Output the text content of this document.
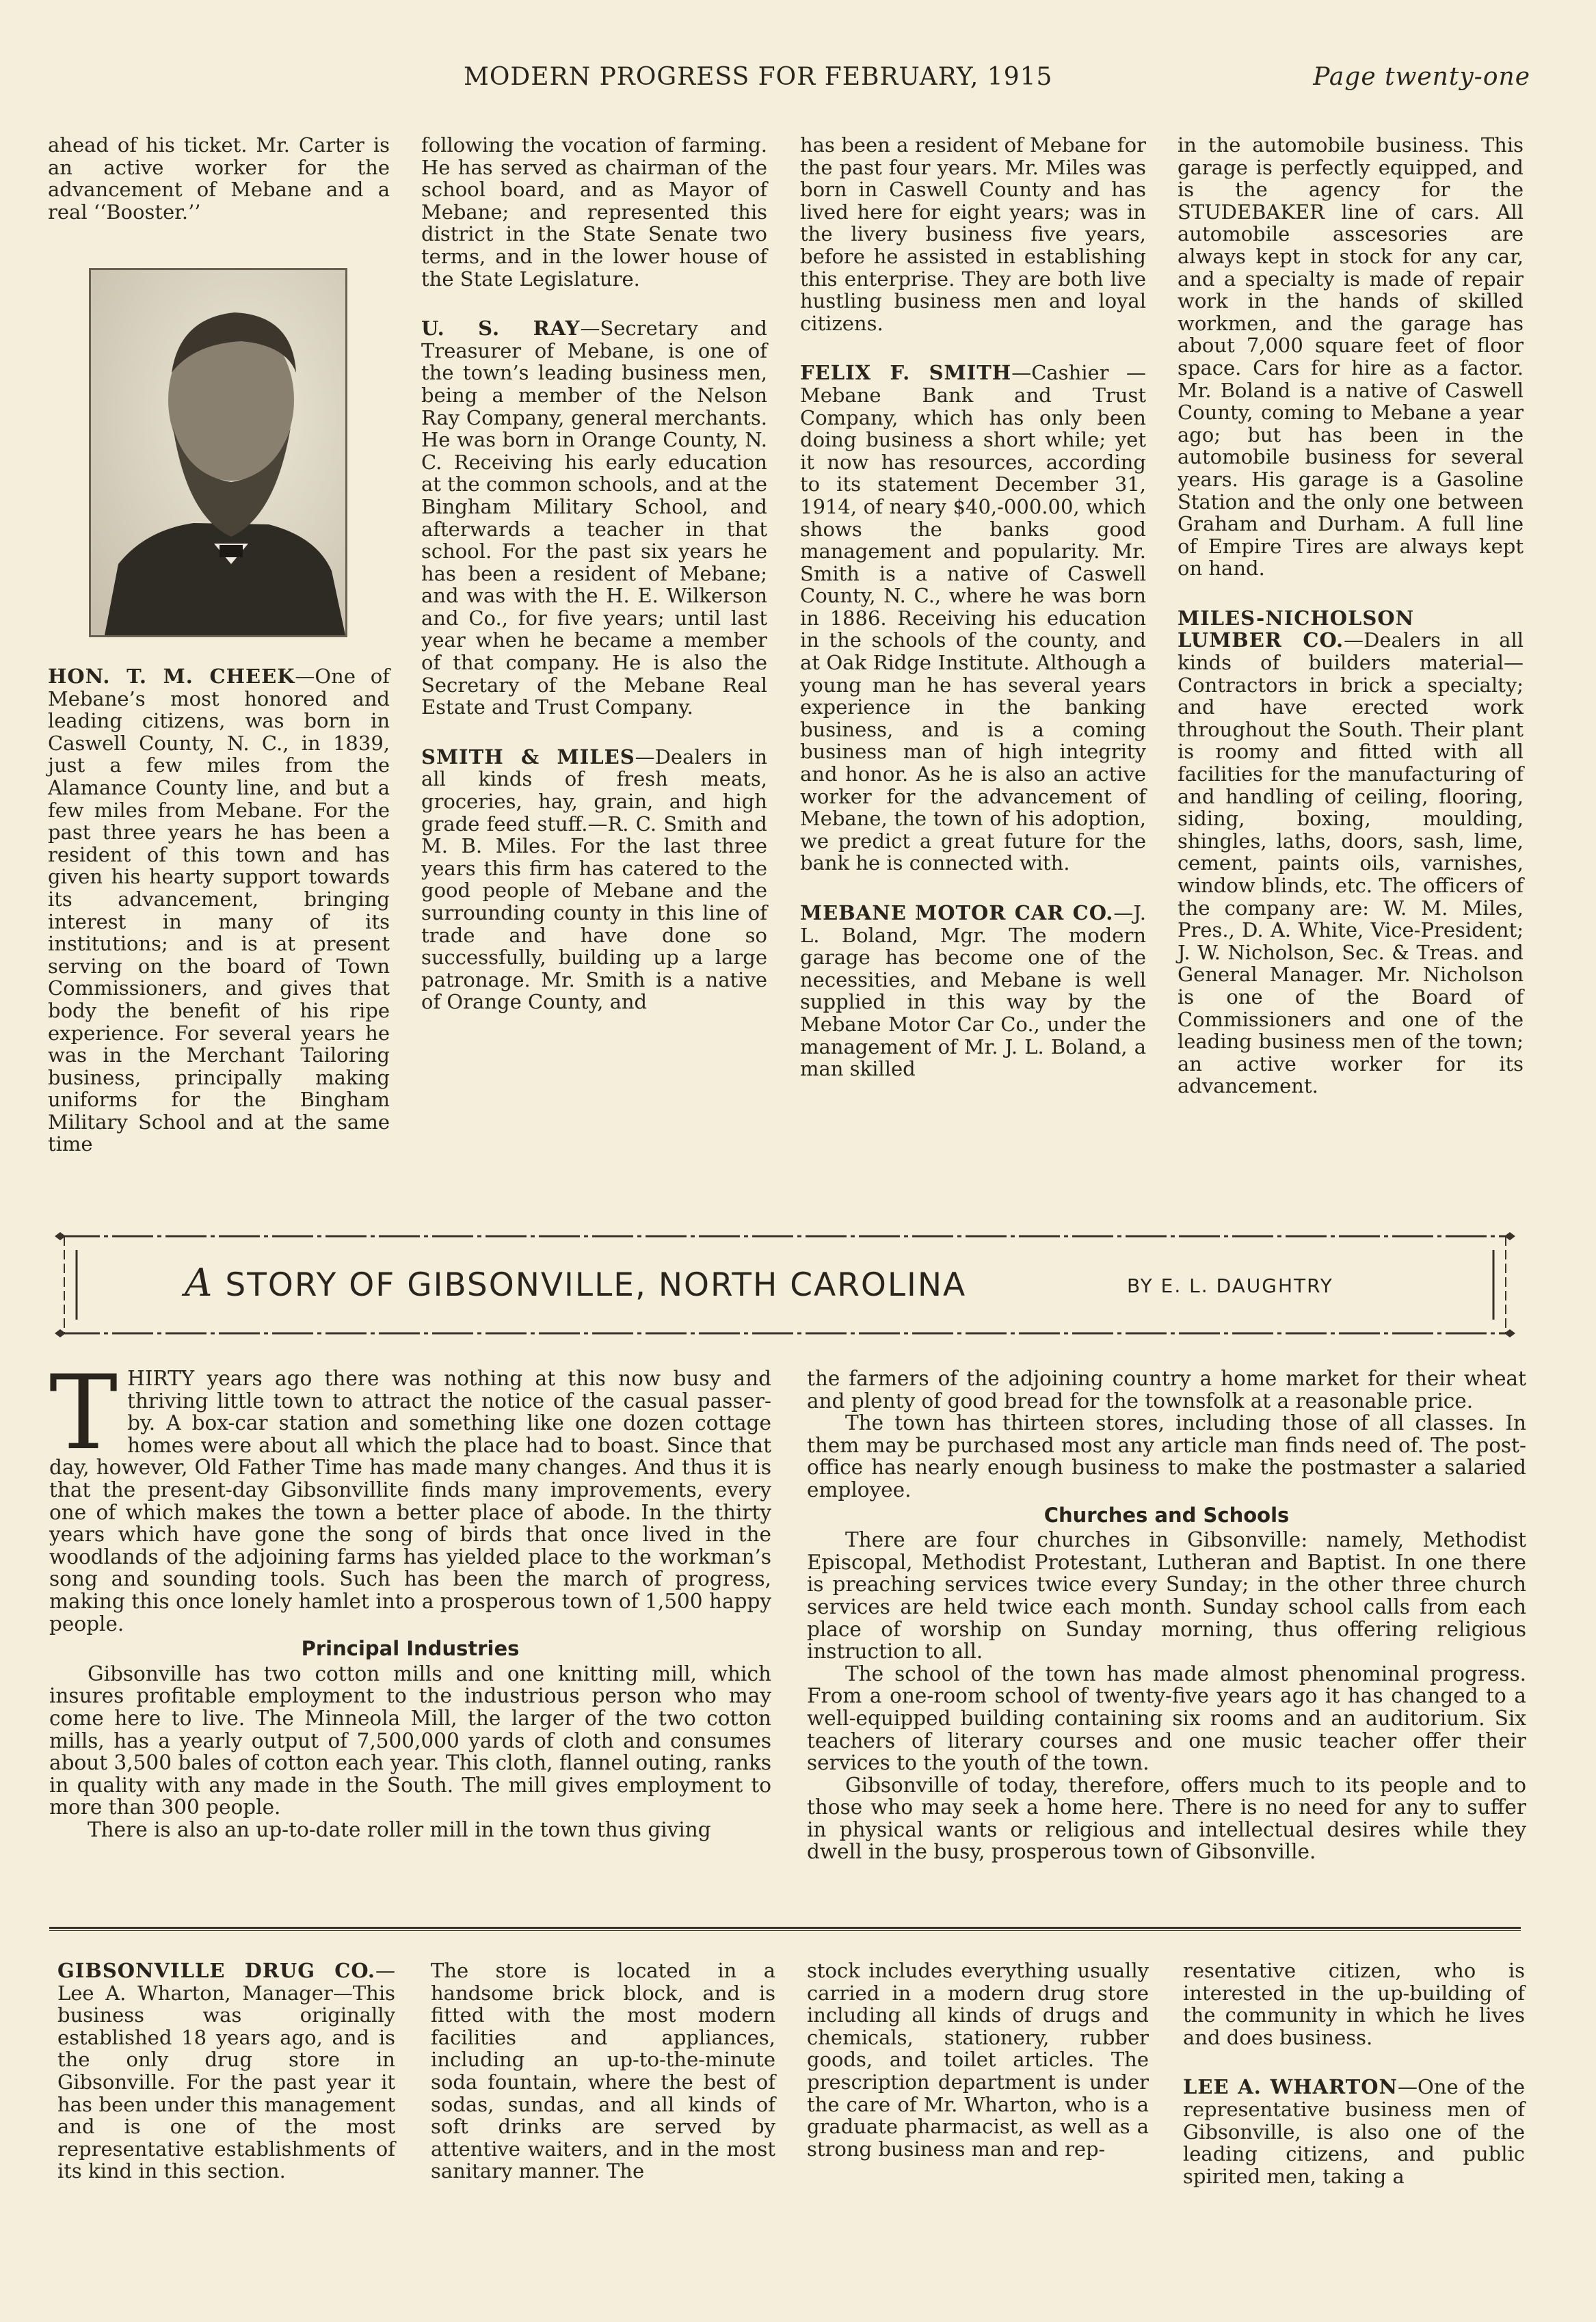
MODERN PROGRESS FOR FEBRUARY, 1915	Page twenty-one

ahead of his ticket. Mr. Carter is an active worker for the advancement of Mebane and a real ‘‘Booster.’’

HON. T. M. CHEEK—One of Mebane’s most honored and leading citizens, was born in Caswell County, N. C., in 1839, just a few miles from the Alamance County line, and but a few miles from Mebane. For the past three years he has been a resident of this town and has given his hearty support towards its advancement, bringing interest in many of its institutions; and is at present serving on the board of Town Commissioners, and gives that body the benefit of his ripe experience. For several years he was in the Merchant Tailoring business, principally making uniforms for the Bingham Military School and at the same time

following the vocation of farming. He has served as chairman of the school board, and as Mayor of Mebane; and represented this district in the State Senate two terms, and in the lower house of the State Legislature.

U. S. RAY—Secretary and Treasurer of Mebane, is one of the town’s leading business men, being a member of the Nelson Ray Company, general merchants. He was born in Orange County, N. C. Receiving his early education at the common schools, and at the Bingham Military School, and afterwards a teacher in that school. For the past six years he has been a resident of Mebane; and was with the H. E. Wilkerson and Co., for five years; until last year when he became a member of that company. He is also the Secretary of the Mebane Real Estate and Trust Company.

SMITH & MILES—Dealers in all kinds of fresh meats, groceries, hay, grain, and high grade feed stuff.—R. C. Smith and M. B. Miles. For the last three years this firm has catered to the good people of Mebane and the surrounding county in this line of trade and have done so successfully, building up a large patronage. Mr. Smith is a native of Orange County, and

has been a resident of Mebane for the past four years. Mr. Miles was born in Caswell County and has lived here for eight years; was in the livery business five years, before he assisted in establishing this enterprise. They are both live hustling business men and loyal citizens.

FELIX F. SMITH—Cashier —Mebane Bank and Trust Company, which has only been doing business a short while; yet it now has resources, according to its statement December 31, 1914, of neary $40,-000.00, which shows the banks good management and popularity. Mr. Smith is a native of Caswell County, N. C., where he was born in 1886. Receiving his education in the schools of the county, and at Oak Ridge Institute. Although a young man he has several years experience in the banking business, and is a coming business man of high integrity and honor. As he is also an active worker for the advancement of Mebane, the town of his adoption, we predict a great future for the bank he is connected with.

MEBANE MOTOR CAR CO.—J. L. Boland, Mgr. The modern garage has become one of the necessities, and Mebane is well supplied in this way by the Mebane Motor Car Co., under the management of Mr. J. L. Boland, a man skilled

in the automobile business. This garage is perfectly equipped, and is the agency for the STUDEBAKER line of cars. All automobile asscesories are always kept in stock for any car, and a specialty is made of repair work in the hands of skilled workmen, and the garage has about 7,000 square feet of floor space. Cars for hire as a factor. Mr. Boland is a native of Caswell County, coming to Mebane a year ago; but has been in the automobile business for several years. His garage is a Gasoline Station and the only one between Graham and Durham. A full line of Empire Tires are always kept on hand.

MILES-NICHOLSON LUMBER CO.—Dealers in all kinds of builders material—Contractors in brick a specialty; and have erected work throughout the South. Their plant is roomy and fitted with all facilities for the manufacturing of and handling of ceiling, flooring, siding, boxing, moulding, shingles, laths, doors, sash, lime, cement, paints oils, varnishes, window blinds, etc. The officers of the company are: W. M. Miles, Pres., D. A. White, Vice-President; J. W. Nicholson, Sec. & Treas. and General Manager. Mr. Nicholson is one of the Board of Commissioners and one of the leading business men of the town; an active worker for its advancement.

A STORY OF GIBSONVILLE, NORTH CAROLINA	BY E. L. DAUGHTRY

THIRTY years ago there was nothing at this now busy and thriving little town to attract the notice of the casual passer-by. A box-car station and something like one dozen cottage homes were about all which the place had to boast. Since that day, however, Old Father Time has made many changes. And thus it is that the present-day Gibsonvillite finds many improvements, every one of which makes the town a better place of abode. In the thirty years which have gone the song of birds that once lived in the woodlands of the adjoining farms has yielded place to the workman’s song and sounding tools. Such has been the march of progress, making this once lonely hamlet into a prosperous town of 1,500 happy people.

Principal Industries

Gibsonville has two cotton mills and one knitting mill, which insures profitable employment to the industrious person who may come here to live. The Minneola Mill, the larger of the two cotton mills, has a yearly output of 7,500,000 yards of cloth and consumes about 3,500 bales of cotton each year. This cloth, flannel outing, ranks in quality with any made in the South. The mill gives employment to more than 300 people.

There is also an up-to-date roller mill in the town thus giving

the farmers of the adjoining country a home market for their wheat and plenty of good bread for the townsfolk at a reasonable price.

The town has thirteen stores, including those of all classes. In them may be purchased most any article man finds need of. The post-office has nearly enough business to make the postmaster a salaried employee.

Churches and Schools

There are four churches in Gibsonville: namely, Methodist Episcopal, Methodist Protestant, Lutheran and Baptist. In one there is preaching services twice every Sunday; in the other three church services are held twice each month. Sunday school calls from each place of worship on Sunday morning, thus offering religious instruction to all.

The school of the town has made almost phenominal progress. From a one-room school of twenty-five years ago it has changed to a well-equipped building containing six rooms and an auditorium. Six teachers of literary courses and one music teacher offer their services to the youth of the town.

Gibsonville of today, therefore, offers much to its people and to those who may seek a home here. There is no need for any to suffer in physical wants or religious and intellectual desires while they dwell in the busy, prosperous town of Gibsonville.

GIBSONVILLE DRUG CO.—Lee A. Wharton, Manager—This business was originally established 18 years ago, and is the only drug store in Gibsonville. For the past year it has been under this management and is one of the most representative establishments of its kind in this section.

The store is located in a handsome brick block, and is fitted with the most modern facilities and appliances, including an up-to-the-minute soda fountain, where the best of sodas, sundas, and all kinds of soft drinks are served by attentive waiters, and in the most sanitary manner. The

stock includes everything usually carried in a modern drug store including all kinds of drugs and chemicals, stationery, rubber goods, and toilet articles. The prescription department is under the care of Mr. Wharton, who is a graduate pharmacist, as well as a strong business man and rep-

resentative citizen, who is interested in the up-building of the community in which he lives and does business.

LEE A. WHARTON—One of the representative business men of Gibsonville, is also one of the leading citizens, and public spirited men, taking a
